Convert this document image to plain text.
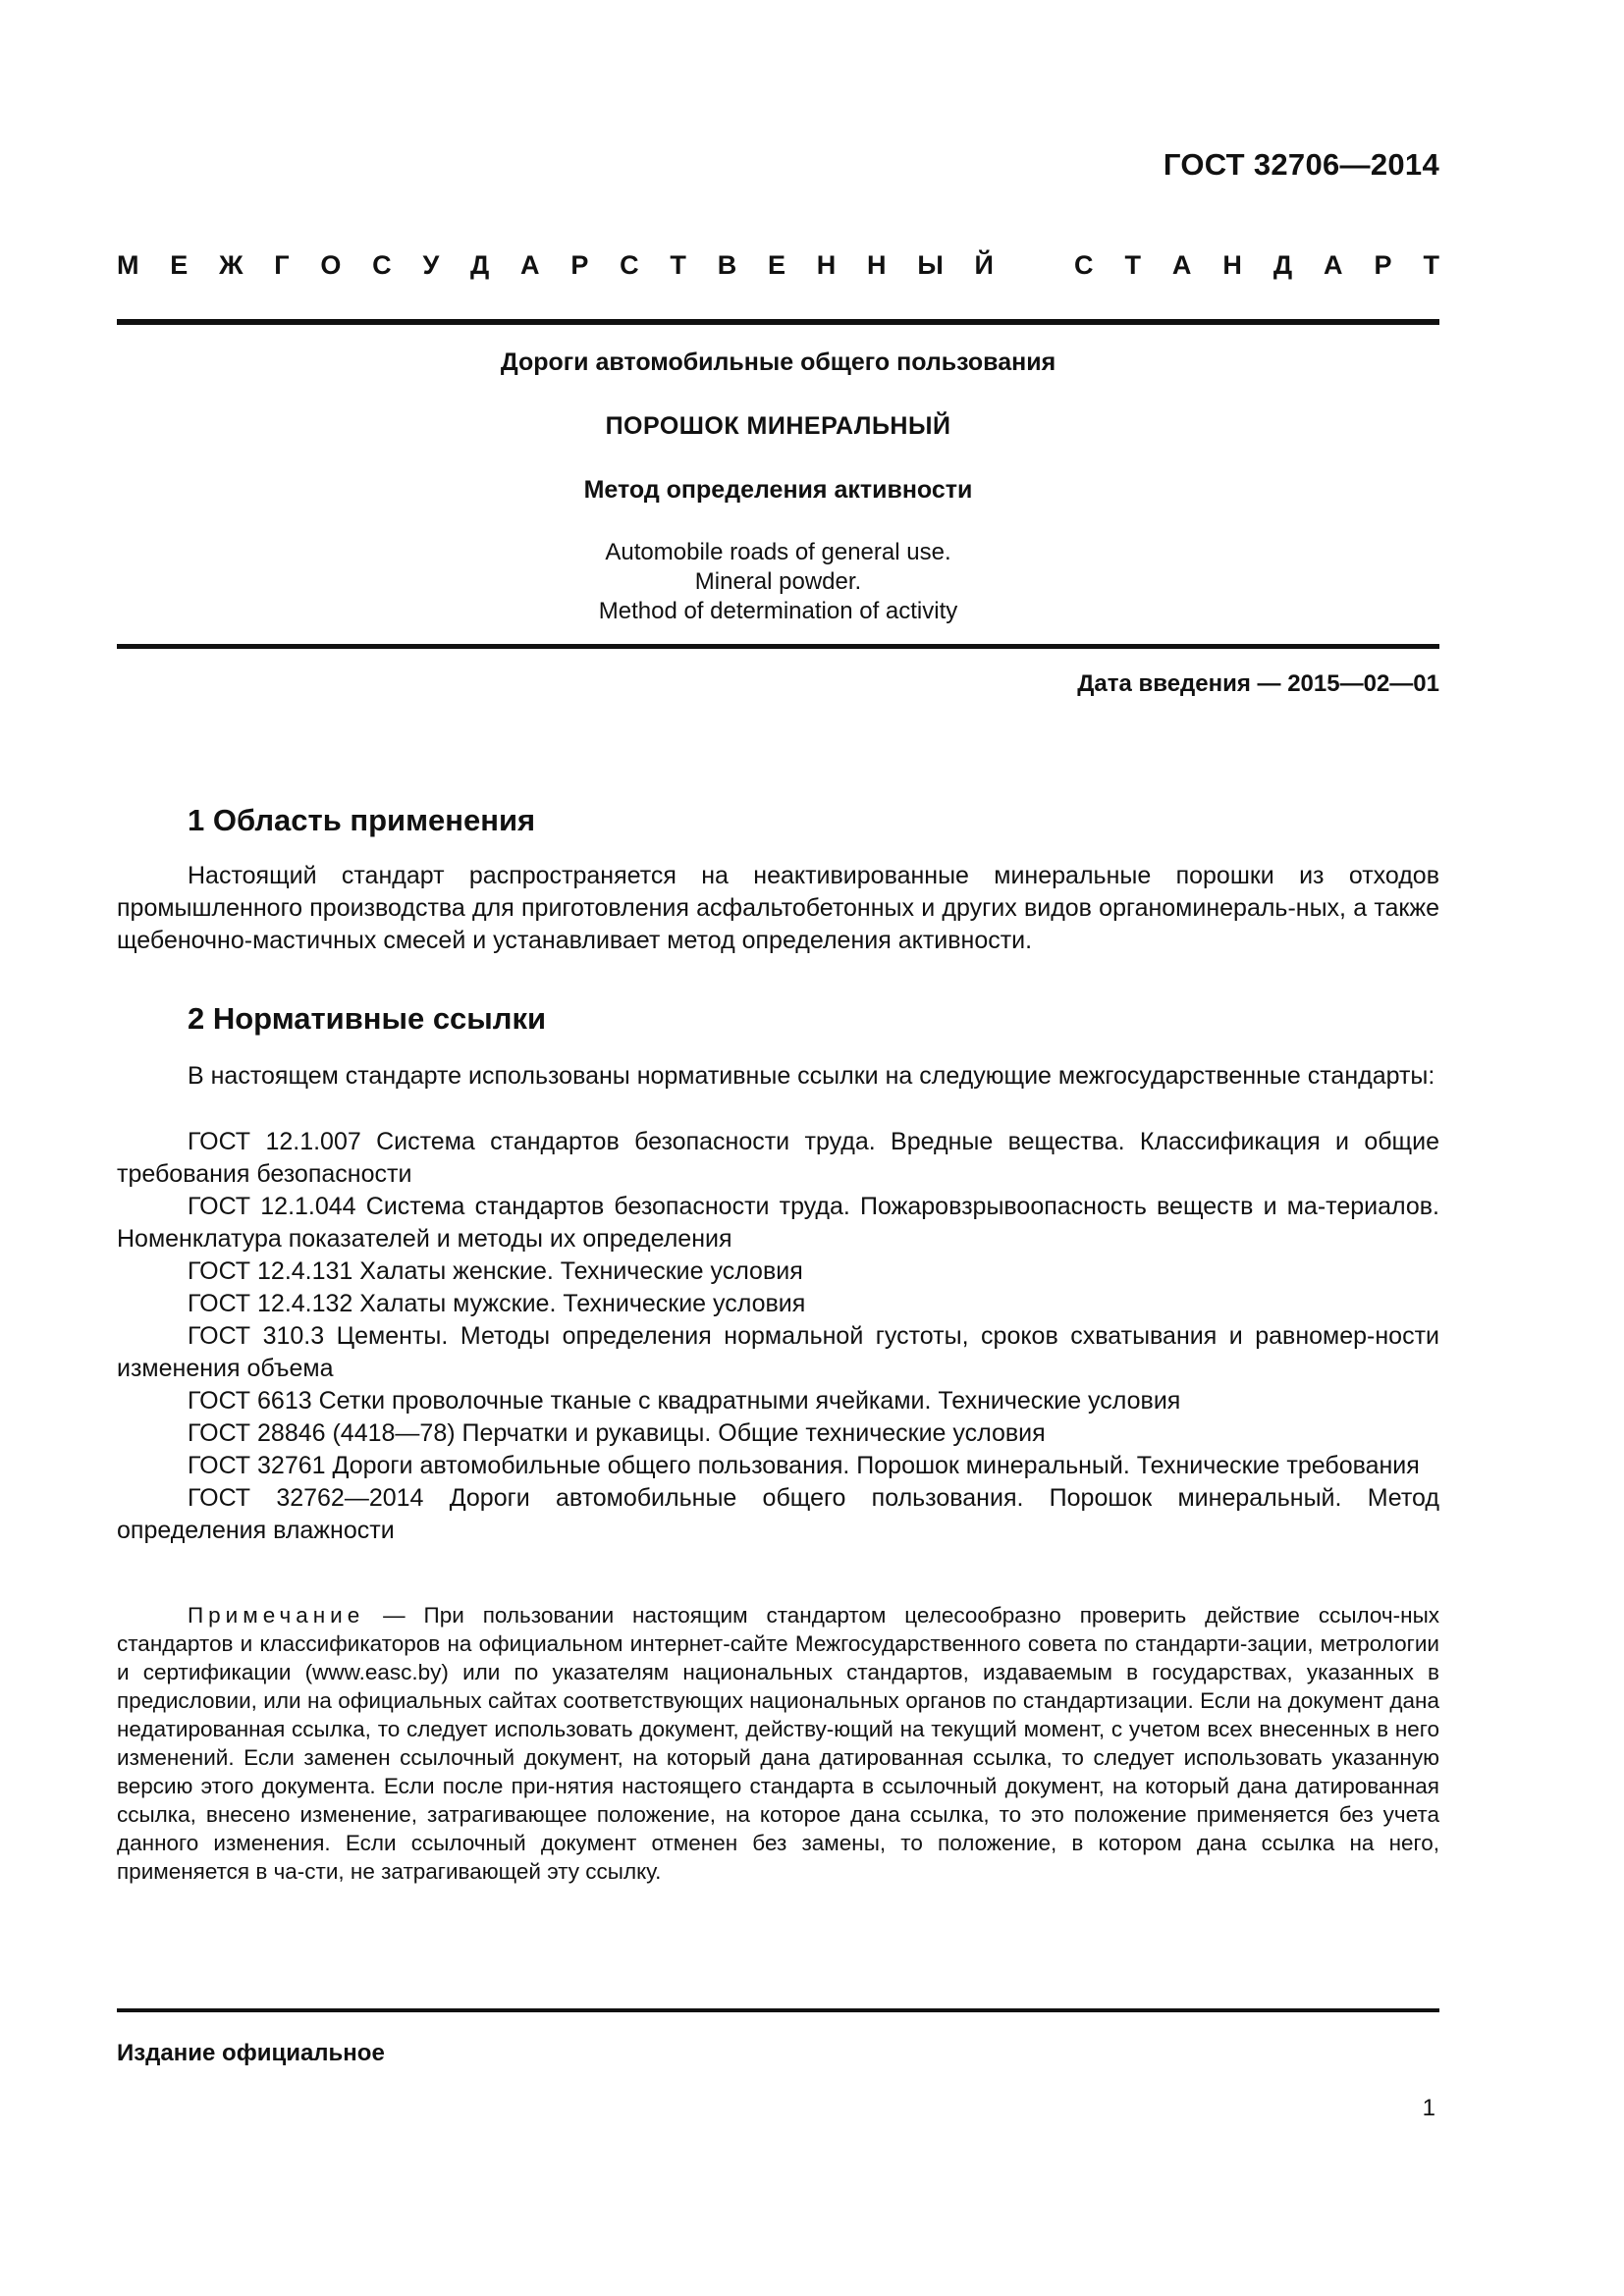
ГОСТ 32706—2014
М Е Ж Г О С У Д А Р С Т В Е Н Н Ы Й	С Т А Н Д А Р Т
Дороги автомобильные общего пользования
ПОРОШОК МИНЕРАЛЬНЫЙ
Метод определения активности
Automobile roads of general use.
Mineral powder.
Method of determination of activity
Дата введения — 2015—02—01
1 Область применения
Настоящий стандарт распространяется на неактивированные минеральные порошки из отходов промышленного производства для приготовления асфальтобетонных и других видов органоминераль-ных, а также щебеночно-мастичных смесей и устанавливает метод определения активности.
2 Нормативные ссылки
В настоящем стандарте использованы нормативные ссылки на следующие межгосударственные стандарты:

ГОСТ 12.1.007 Система стандартов безопасности труда. Вредные вещества. Классификация и общие требования безопасности

ГОСТ 12.1.044 Система стандартов безопасности труда. Пожаровзрывоопасность веществ и ма-териалов. Номенклатура показателей и методы их определения

ГОСТ 12.4.131 Халаты женские. Технические условия

ГОСТ 12.4.132 Халаты мужские. Технические условия

ГОСТ 310.3 Цементы. Методы определения нормальной густоты, сроков схватывания и равномер-ности изменения объема

ГОСТ 6613 Сетки проволочные тканые с квадратными ячейками. Технические условия

ГОСТ 28846 (4418—78) Перчатки и рукавицы. Общие технические условия

ГОСТ 32761 Дороги автомобильные общего пользования. Порошок минеральный. Технические требования

ГОСТ 32762—2014 Дороги автомобильные общего пользования. Порошок минеральный. Метод определения влажности

Примечание — При пользовании настоящим стандартом целесообразно проверить действие ссылоч-ных стандартов и классификаторов на официальном интернет-сайте Межгосударственного совета по стандарти-зации, метрологии и сертификации (www.easc.by) или по указателям национальных стандартов, издаваемым в государствах, указанных в предисловии, или на официальных сайтах соответствующих национальных органов по стандартизации. Если на документ дана недатированная ссылка, то следует использовать документ, действу-ющий на текущий момент, с учетом всех внесенных в него изменений. Если заменен ссылочный документ, на который дана датированная ссылка, то следует использовать указанную версию этого документа. Если после при-нятия настоящего стандарта в ссылочный документ, на который дана датированная ссылка, внесено изменение, затрагивающее положение, на которое дана ссылка, то это положение применяется без учета данного изменения. Если ссылочный документ отменен без замены, то положение, в котором дана ссылка на него, применяется в ча-сти, не затрагивающей эту ссылку.
Издание официальное
1
